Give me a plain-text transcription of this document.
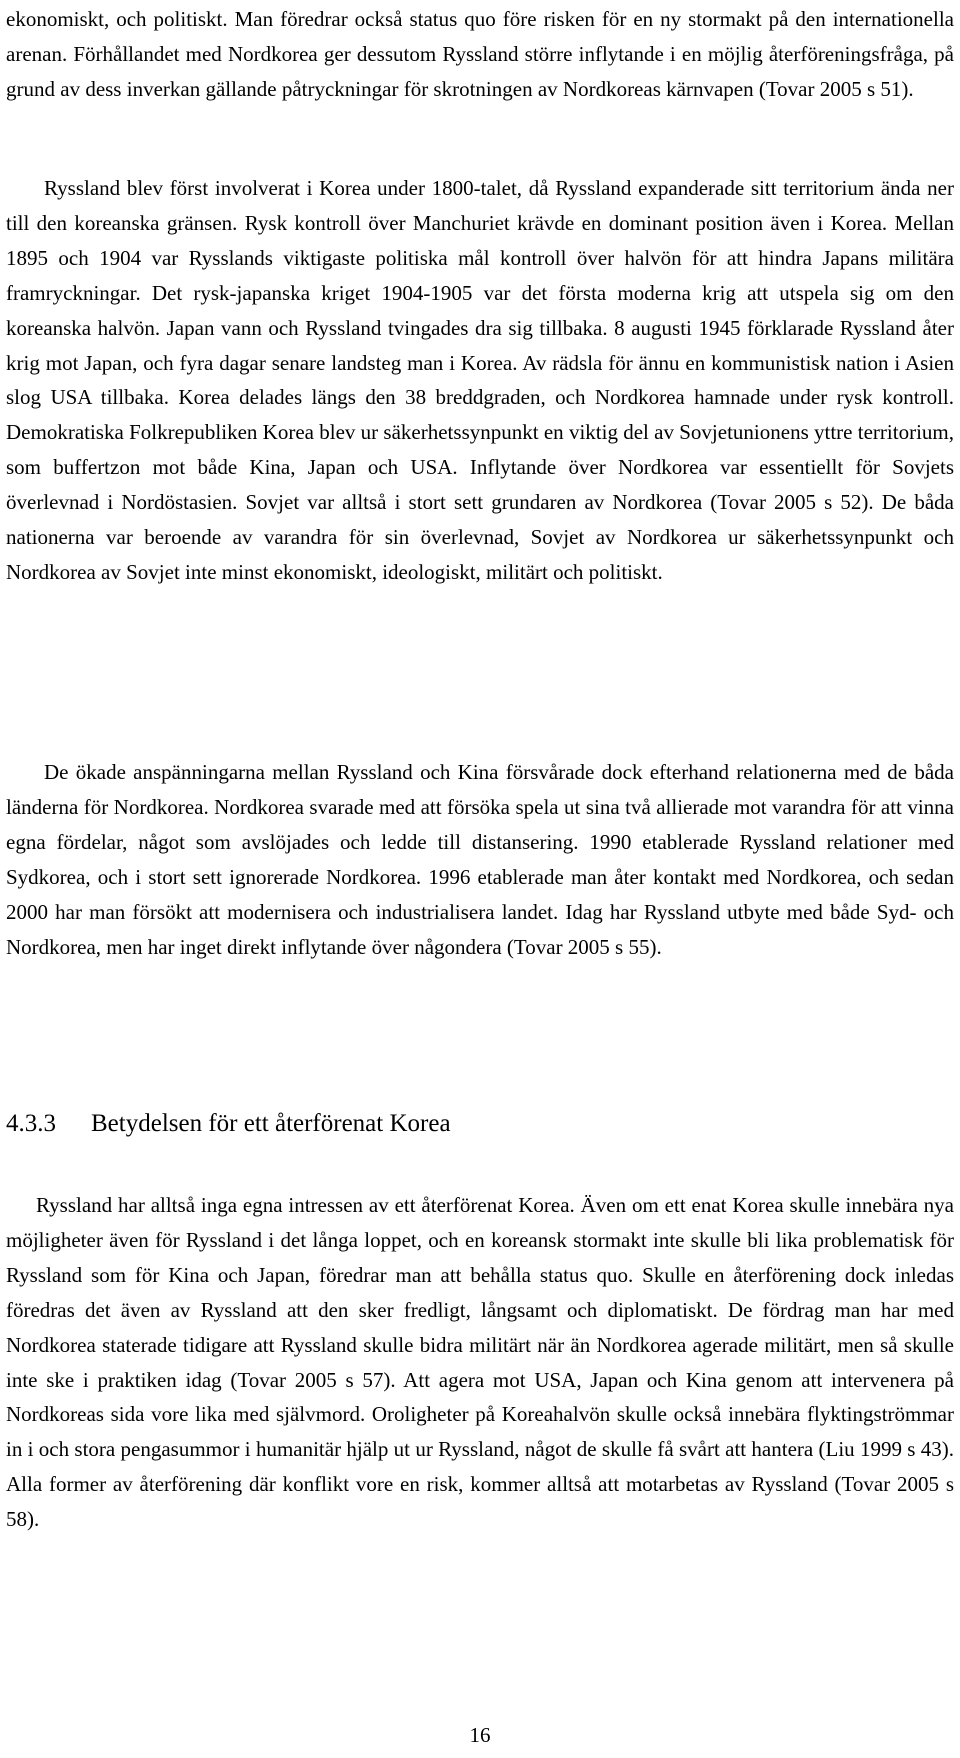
ekonomiskt, och politiskt. Man föredrar också status quo före risken för en ny stormakt på den internationella arenan. Förhållandet med Nordkorea ger dessutom Ryssland större inflytande i en möjlig återföreningsfråga, på grund av dess inverkan gällande påtryckningar för skrotningen av Nordkoreas kärnvapen (Tovar 2005 s 51).

Ryssland blev först involverat i Korea under 1800-talet, då Ryssland expanderade sitt territorium ända ner till den koreanska gränsen. Rysk kontroll över Manchuriet krävde en dominant position även i Korea. Mellan 1895 och 1904 var Rysslands viktigaste politiska mål kontroll över halvön för att hindra Japans militära framryckningar. Det rysk-japanska kriget 1904-1905 var det första moderna krig att utspela sig om den koreanska halvön. Japan vann och Ryssland tvingades dra sig tillbaka. 8 augusti 1945 förklarade Ryssland åter krig mot Japan, och fyra dagar senare landsteg man i Korea. Av rädsla för ännu en kommunistisk nation i Asien slog USA tillbaka. Korea delades längs den 38 breddgraden, och Nordkorea hamnade under rysk kontroll. Demokratiska Folkrepubliken Korea blev ur säkerhetssynpunkt en viktig del av Sovjetunionens yttre territorium, som buffertzon mot både Kina, Japan och USA. Inflytande över Nordkorea var essentiellt för Sovjets överlevnad i Nordöstasien. Sovjet var alltså i stort sett grundaren av Nordkorea (Tovar 2005 s 52). De båda nationerna var beroende av varandra för sin överlevnad, Sovjet av Nordkorea ur säkerhetssynpunkt och Nordkorea av Sovjet inte minst ekonomiskt, ideologiskt, militärt och politiskt.

De ökade anspänningarna mellan Ryssland och Kina försvårade dock efterhand relationerna med de båda länderna för Nordkorea. Nordkorea svarade med att försöka spela ut sina två allierade mot varandra för att vinna egna fördelar, något som avslöjades och ledde till distansering. 1990 etablerade Ryssland relationer med Sydkorea, och i stort sett ignorerade Nordkorea. 1996 etablerade man åter kontakt med Nordkorea, och sedan 2000 har man försökt att modernisera och industrialisera landet. Idag har Ryssland utbyte med både Syd- och Nordkorea, men har inget direkt inflytande över någondera (Tovar 2005 s 55).

4.3.3 Betydelsen för ett återförenat Korea

Ryssland har alltså inga egna intressen av ett återförenat Korea. Även om ett enat Korea skulle innebära nya möjligheter även för Ryssland i det långa loppet, och en koreansk stormakt inte skulle bli lika problematisk för Ryssland som för Kina och Japan, föredrar man att behålla status quo. Skulle en återförening dock inledas föredras det även av Ryssland att den sker fredligt, långsamt och diplomatiskt. De fördrag man har med Nordkorea staterade tidigare att Ryssland skulle bidra militärt när än Nordkorea agerade militärt, men så skulle inte ske i praktiken idag (Tovar 2005 s 57). Att agera mot USA, Japan och Kina genom att intervenera på Nordkoreas sida vore lika med självmord. Oroligheter på Koreahalvön skulle också innebära flyktingströmmar in i och stora pengasummor i humanitär hjälp ut ur Ryssland, något de skulle få svårt att hantera (Liu 1999 s 43). Alla former av återförening där konflikt vore en risk, kommer alltså att motarbetas av Ryssland (Tovar 2005 s 58).

16
